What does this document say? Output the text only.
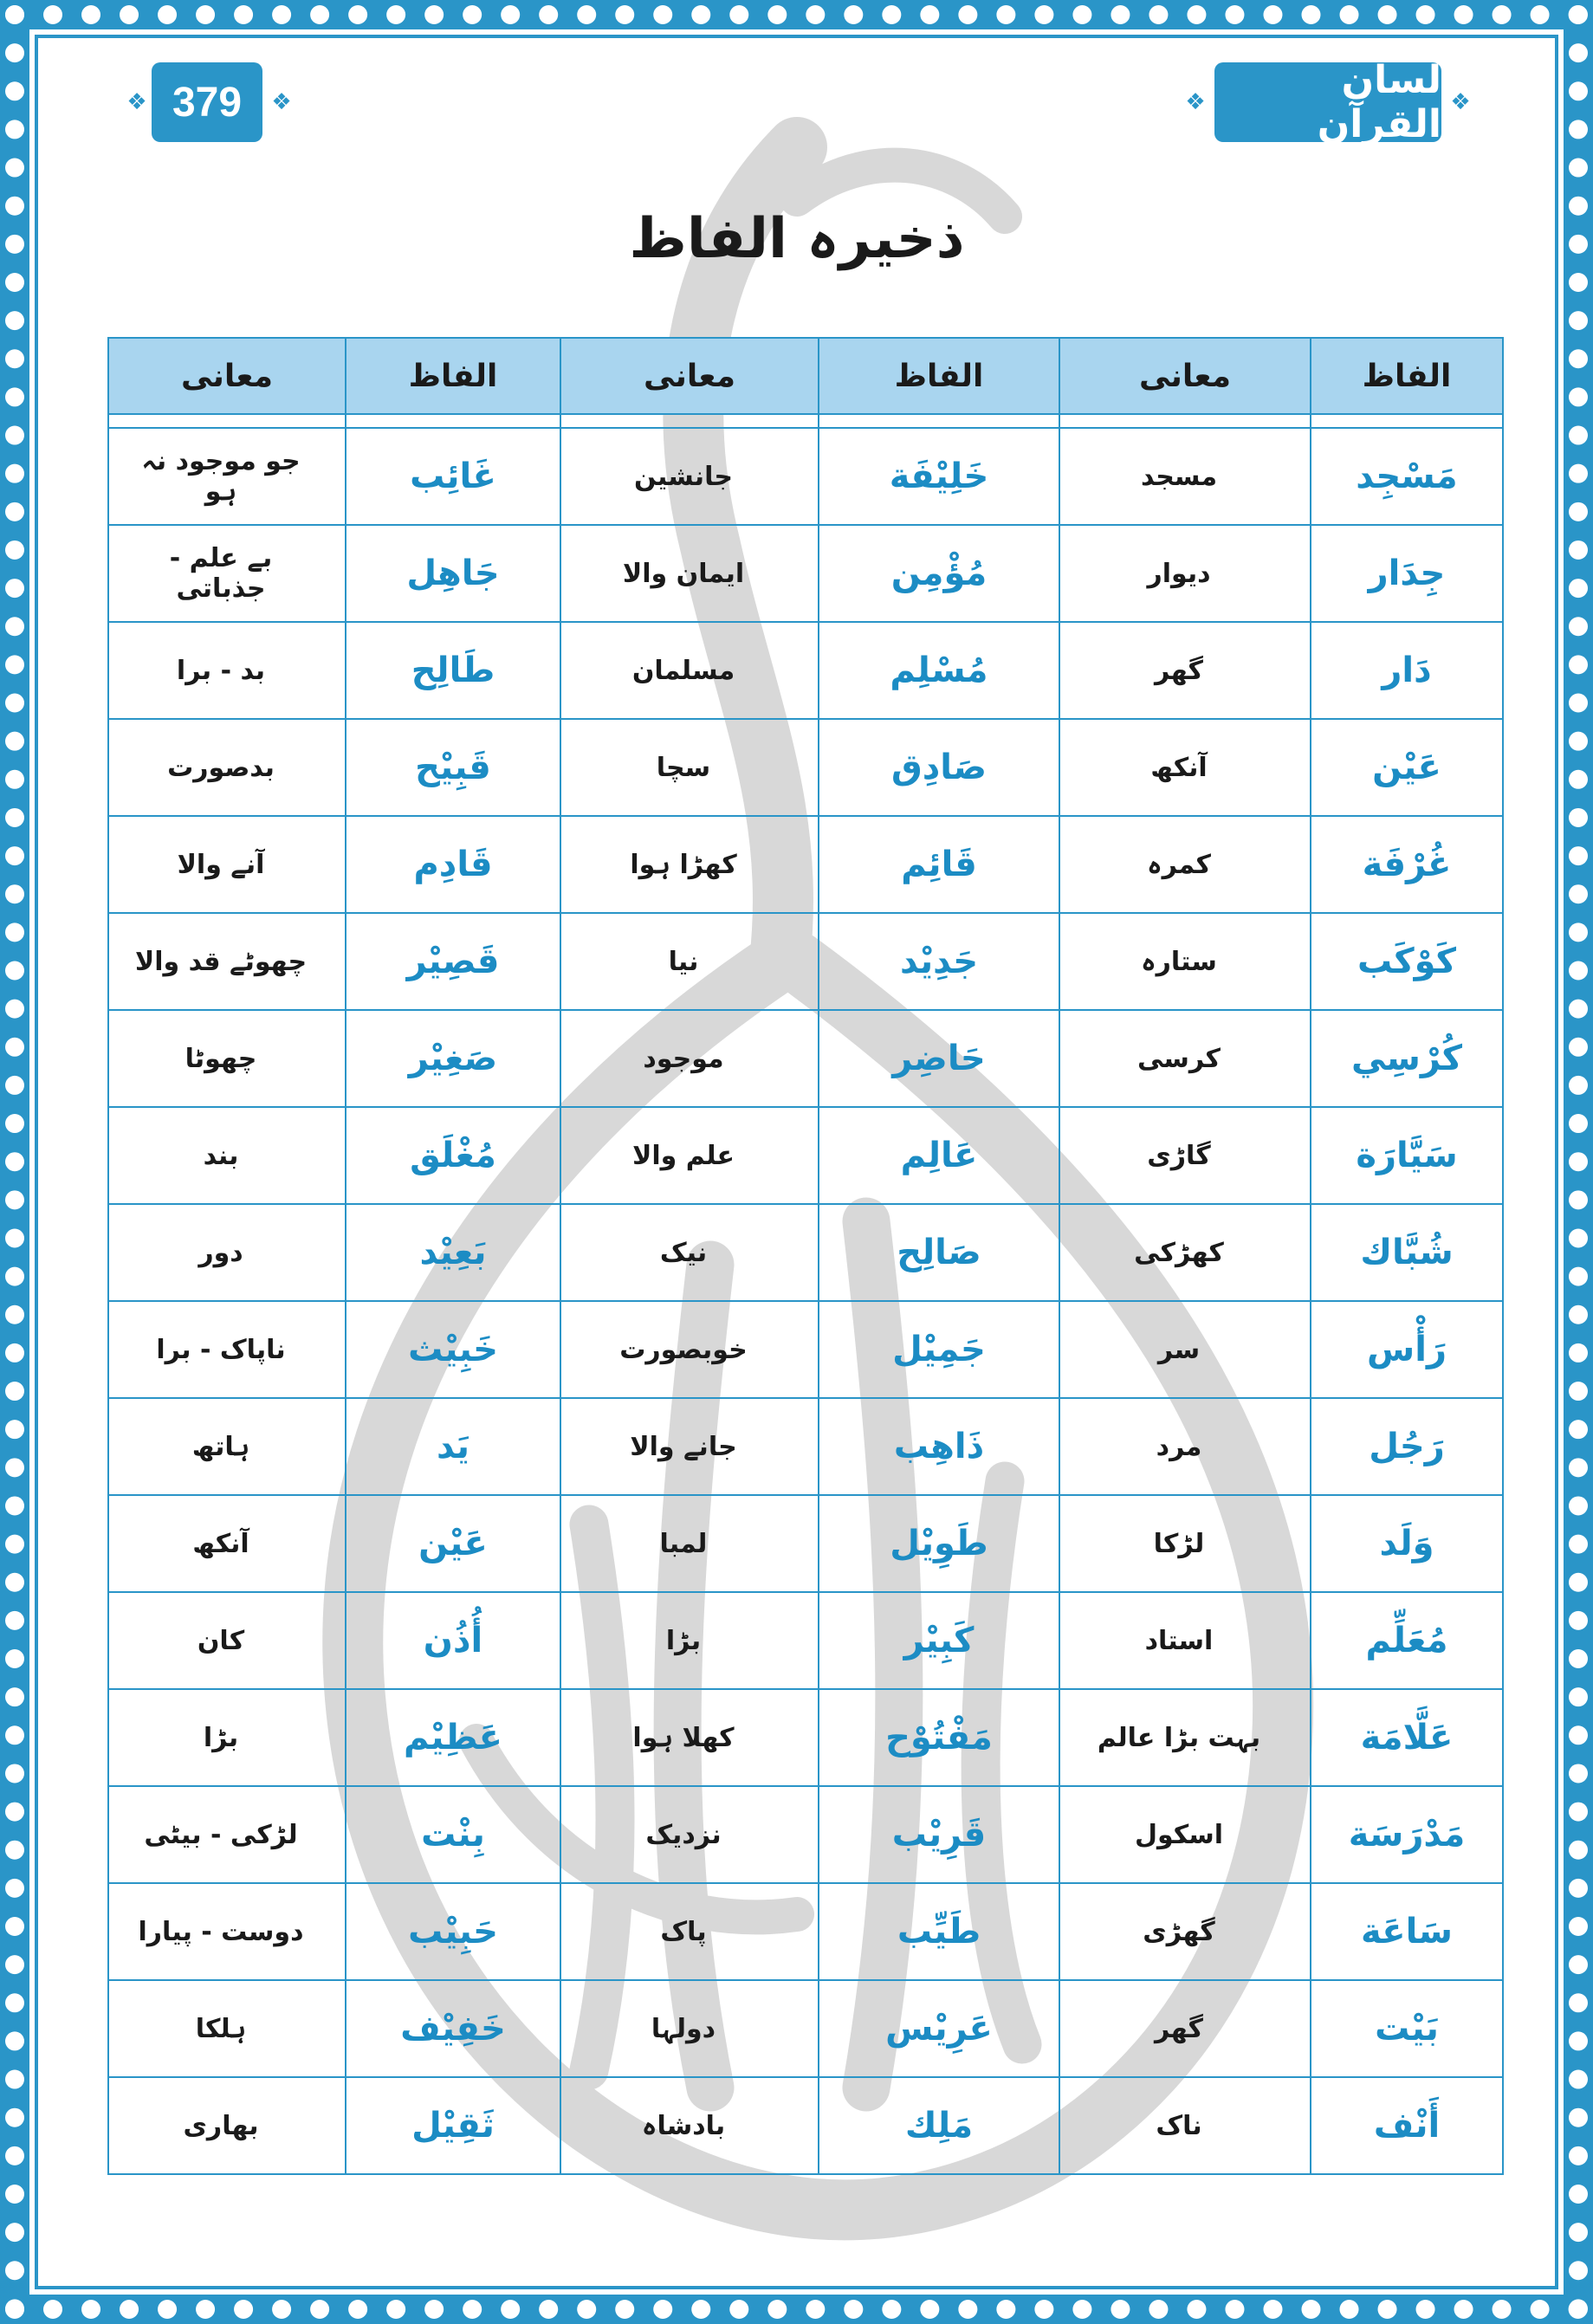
❖	❖
379	❖	❖
لسان القرآن
ذخیرہ الفاظ
الفاظ	معانی	الفاظ	معانی	الفاظ	معانی

مَسْجِد	مسجد	خَلِيْفَة	جانشین	غَائِب	جو موجود نہ ہو
جِدَار	دیوار	مُؤْمِن	ایمان والا	جَاهِل	بے علم - جذباتی
دَار	گھر	مُسْلِم	مسلمان	طَالِح	بد - برا
عَيْن	آنکھ	صَادِق	سچا	قَبِيْح	بدصورت
غُرْفَة	کمرہ	قَائِم	کھڑا ہوا	قَادِم	آنے والا
كَوْكَب	ستارہ	جَدِيْد	نیا	قَصِيْر	چھوٹے قد والا
كُرْسِي	کرسی	حَاضِر	موجود	صَغِيْر	چھوٹا
سَيَّارَة	گاڑی	عَالِم	علم والا	مُغْلَق	بند
شُبَّاك	کھڑکی	صَالِح	نیک	بَعِيْد	دور
رَأْس	سر	جَمِيْل	خوبصورت	خَبِيْث	ناپاک - برا
رَجُل	مرد	ذَاهِب	جانے والا	يَد	ہاتھ
وَلَد	لڑکا	طَوِيْل	لمبا	عَيْن	آنکھ
مُعَلِّم	استاد	كَبِيْر	بڑا	أُذُن	کان
عَلَّامَة	بہت بڑا عالم	مَفْتُوْح	کھلا ہوا	عَظِيْم	بڑا
مَدْرَسَة	اسکول	قَرِيْب	نزدیک	بِنْت	لڑکی - بیٹی
سَاعَة	گھڑی	طَيِّب	پاک	حَبِيْب	دوست - پیارا
بَيْت	گھر	عَرِيْس	دولہا	خَفِيْف	ہلکا
أَنْف	ناک	مَلِك	بادشاہ	ثَقِيْل	بھاری
